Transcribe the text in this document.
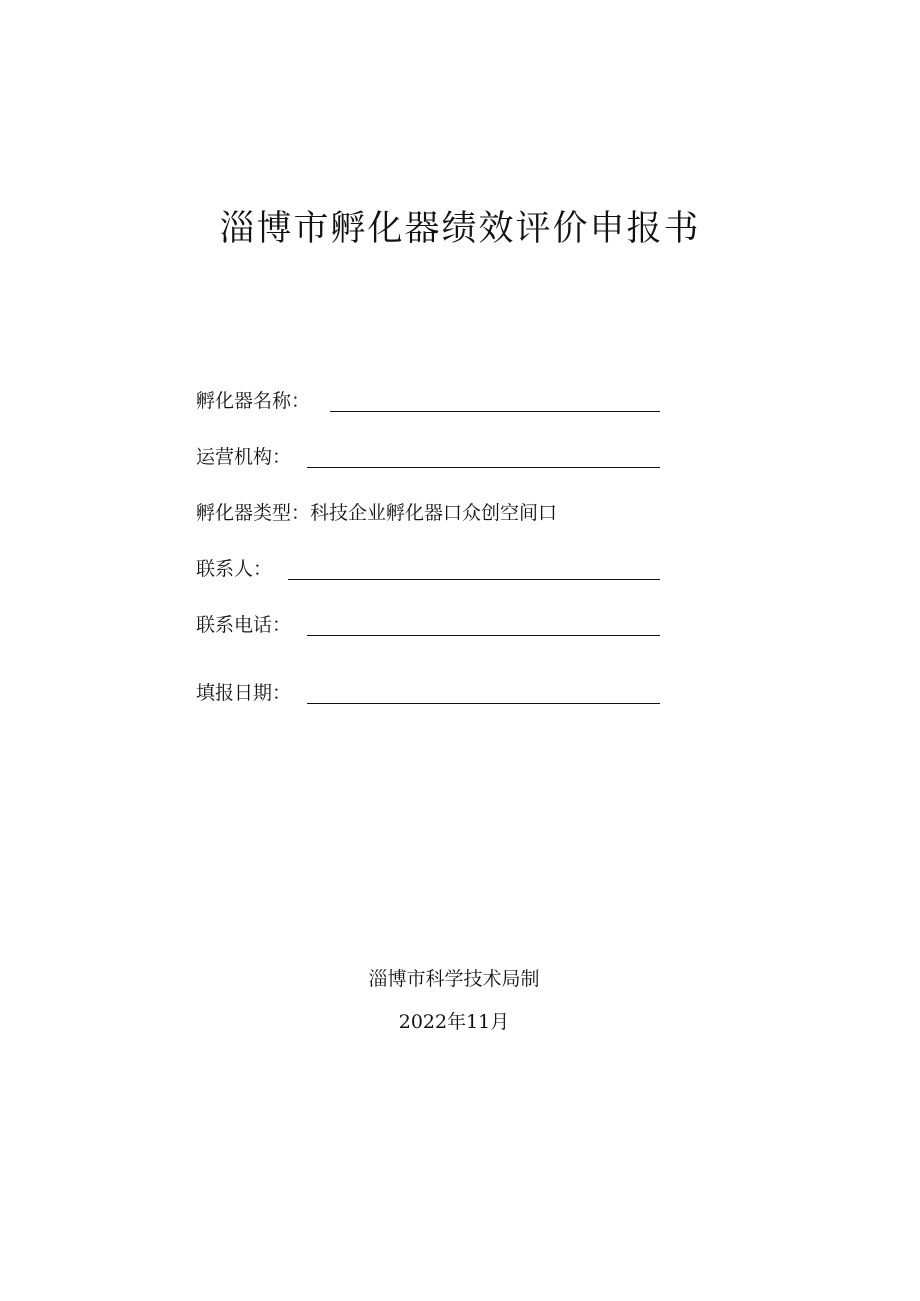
淄博市孵化器绩效评价申报书
孵化器名称：
运营机构：
孵化器类型： 科技企业孵化器口众创空间口
联系人：
联系电话：
填报日期：
淄博市科学技术局制
2022年11月
